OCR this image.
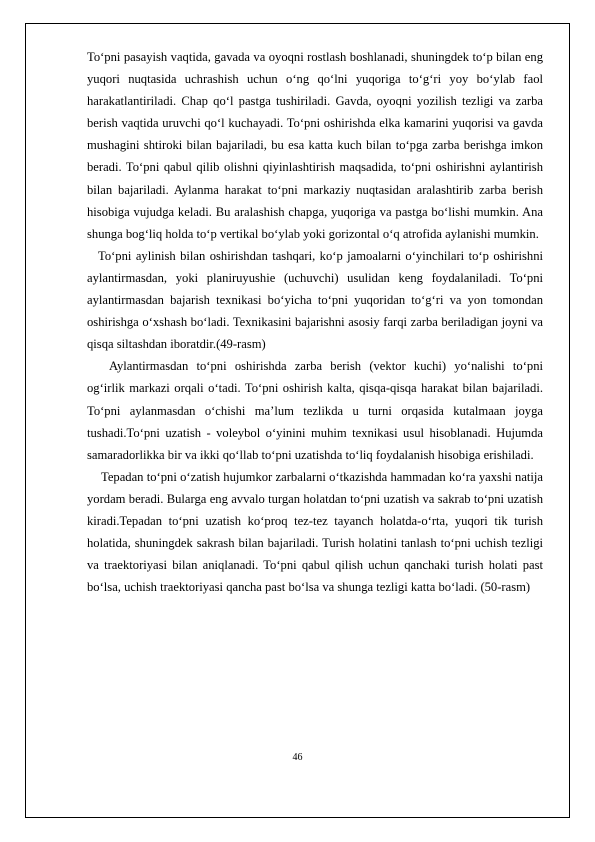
To‘pni pasayish vaqtida, gavada va oyoqni rostlash boshlanadi, shuningdek to‘p bilan eng yuqori nuqtasida uchrashish uchun o‘ng qo‘lni yuqoriga to‘g‘ri yoy bo‘ylab faol harakatlantiriladi. Chap qo‘l pastga tushiriladi. Gavda, oyoqni yozilish tezligi va zarba berish vaqtida uruvchi qo‘l kuchayadi. To‘pni oshirishda elka kamarini yuqorisi va gavda mushagini shtiroki bilan bajariladi, bu esa katta kuch bilan to‘pga zarba berishga imkon beradi. To‘pni qabul qilib olishni qiyinlashtirish maqsadida, to‘pni oshirishni aylantirish bilan bajariladi. Aylanma harakat to‘pni markaziy nuqtasidan aralashtirib zarba berish hisobiga vujudga keladi. Bu aralashish chapga, yuqoriga va pastga bo‘lishi mumkin. Ana shunga bog‘liq holda to‘p vertikal bo‘ylab yoki gorizontal o‘q atrofida aylanishi mumkin.

To‘pni aylinish bilan oshirishdan tashqari, ko‘p jamoalarni o‘yinchilari to‘p oshirishni aylantirmasdan, yoki planiruyushie (uchuvchi) usulidan keng foydalaniladi. To‘pni aylantirmasdan bajarish texnikasi bo‘yicha to‘pni yuqoridan to‘g‘ri va yon tomondan oshirishga o‘xshash bo‘ladi. Texnikasini bajarishni asosiy farqi zarba beriladigan joyni va qisqa siltashdan iboratdir.(49-rasm)

Aylantirmasdan to‘pni oshirishda zarba berish (vektor kuchi) yo‘nalishi to‘pni og‘irlik markazi orqali o‘tadi. To‘pni oshirish kalta, qisqa-qisqa harakat bilan bajariladi. To‘pni aylanmasdan o‘chishi ma’lum tezlikda u turni orqasida kutalmaan joyga tushadi.To‘pni uzatish - voleybol o‘yinini muhim texnikasi usul hisoblanadi. Hujumda samaradorlikka bir va ikki qo‘llab to‘pni uzatishda to‘liq foydalanish hisobiga erishiladi.

Tepadan to‘pni o‘zatish hujumkor zarbalarni o‘tkazishda hammadan ko‘ra yaxshi natija yordam beradi. Bularga eng avvalo turgan holatdan to‘pni uzatish va sakrab to‘pni uzatish kiradi.Tepadan to‘pni uzatish ko‘proq tez-tez tayanch holatda-o‘rta, yuqori tik turish holatida, shuningdek sakrash bilan bajariladi. Turish holatini tanlash to‘pni uchish tezligi va traektoriyasi bilan aniqlanadi. To‘pni qabul qilish uchun qanchaki turish holati past bo‘lsa, uchish traektoriyasi qancha past bo‘lsa va shunga tezligi katta bo‘ladi. (50-rasm)

46
